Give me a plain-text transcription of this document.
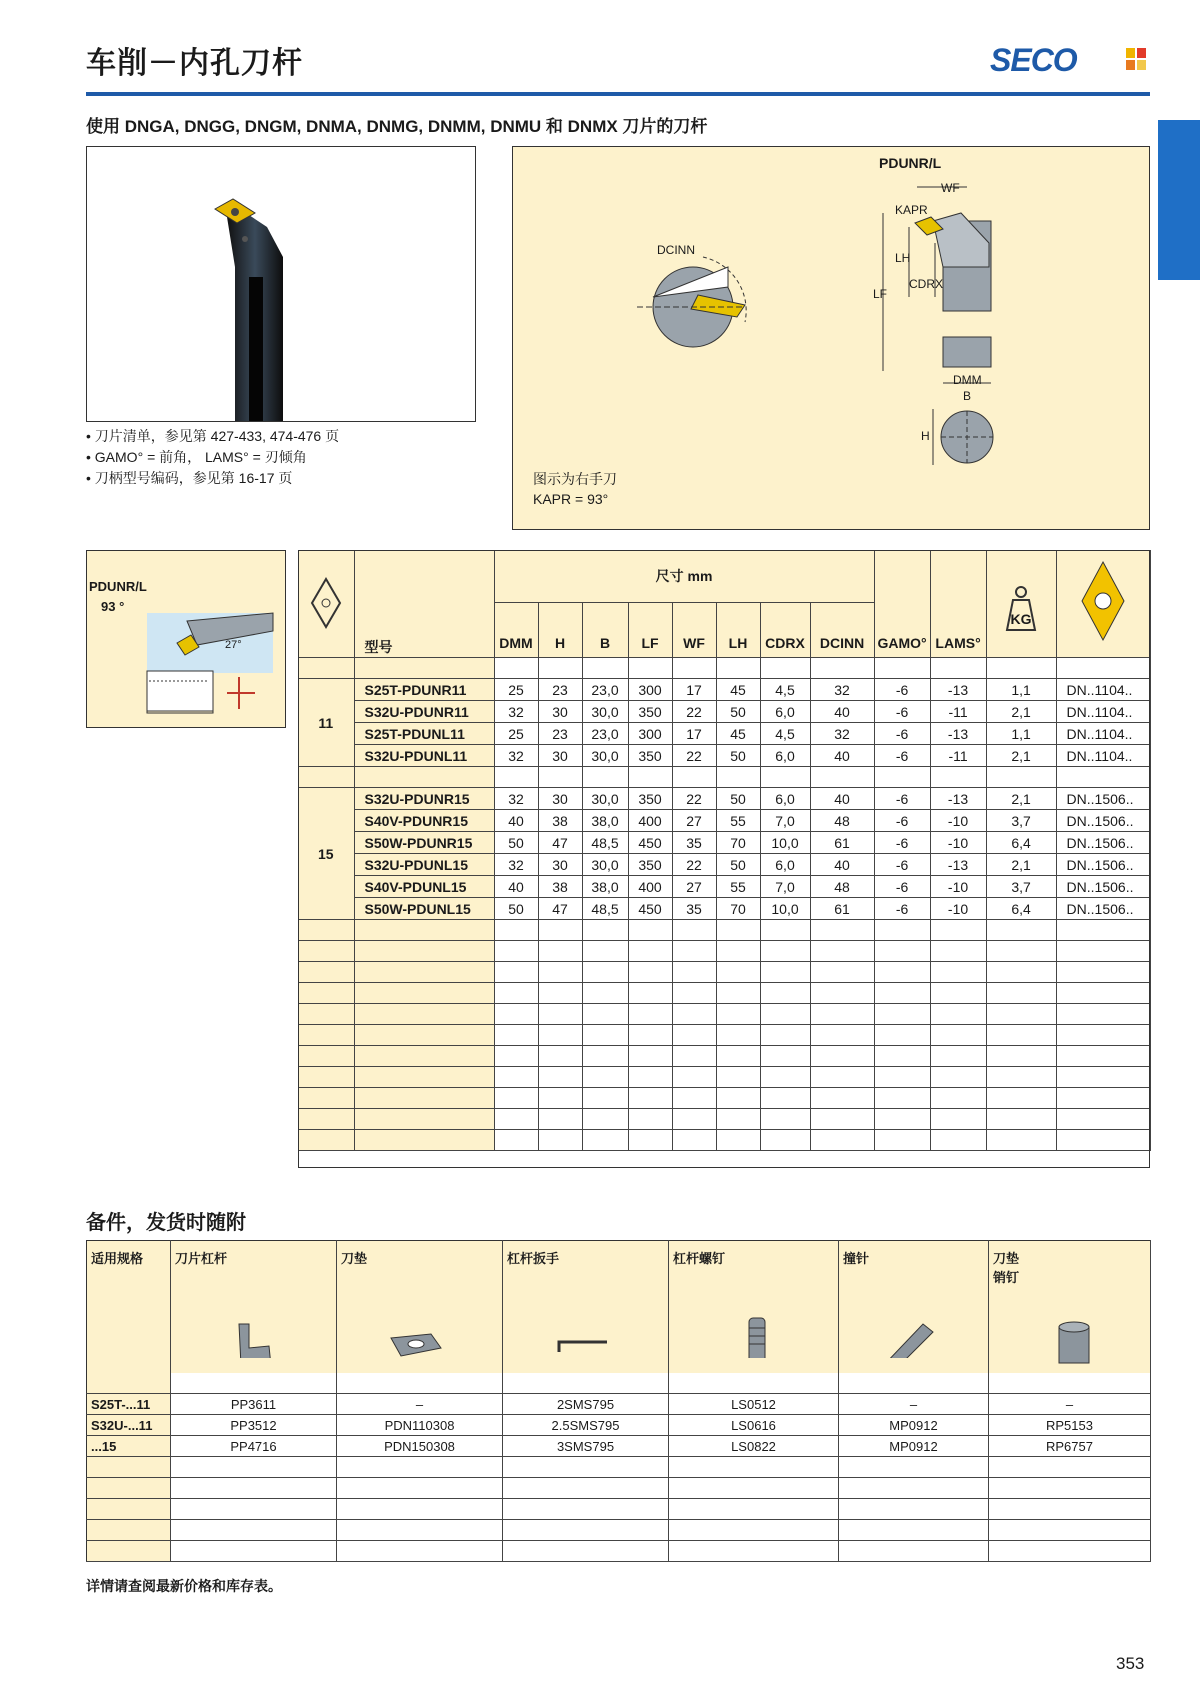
车削－内孔刀杆	SECO
使用 DNGA, DNGG, DNGM, DNMA, DNMG, DNMM, DNMU 和 DNMX 刀片的刀杆
• 刀片清单，参见第 427-433, 474-476 页
• GAMO° = 前角， LAMS° = 刃倾角
• 刀柄型号编码，参见第 16-17 页
PDUNR/L
WF
KAPR
LH
LF
CDRX
DCINN
DMM
B
H
图示为右手刀
KAPR = 93°
PDUNR/L
93 °
27°
		型号	尺寸 mm								GAMO°	LAMS°	KG

		DMM	H	B	LF	WF	LH	CDRX	DCINN				

11	S25T-PDUNR11	25	23	23,0	300	17	45	4,5	32	-6	-13	1,1	DN..1104..
	S32U-PDUNR11	32	30	30,0	350	22	50	6,0	40	-6	-11	2,1	DN..1104..
	S25T-PDUNL11	25	23	23,0	300	17	45	4,5	32	-6	-13	1,1	DN..1104..
	S32U-PDUNL11	32	30	30,0	350	22	50	6,0	40	-6	-11	2,1	DN..1104..

15	S32U-PDUNR15	32	30	30,0	350	22	50	6,0	40	-6	-13	2,1	DN..1506..
	S40V-PDUNR15	40	38	38,0	400	27	55	7,0	48	-6	-10	3,7	DN..1506..
	S50W-PDUNR15	50	47	48,5	450	35	70	10,0	61	-6	-10	6,4	DN..1506..
	S32U-PDUNL15	32	30	30,0	350	22	50	6,0	40	-6	-13	2,1	DN..1506..
	S40V-PDUNL15	40	38	38,0	400	27	55	7,0	48	-6	-10	3,7	DN..1506..
	S50W-PDUNL15	50	47	48,5	450	35	70	10,0	61	-6	-10	6,4	DN..1506..

备件，发货时随附
适用规格	刀片杠杆	刀垫	杠杆扳手	杠杆螺钉	撞针	刀垫
销钉

S25T-...11	PP3611	–	2SMS795	LS0512	–	–
S32U-...11	PP3512	PDN110308	2.5SMS795	LS0616	MP0912	RP5153
...15	PP4716	PDN150308	3SMS795	LS0822	MP0912	RP6757

详情请查阅最新价格和库存表。
353
